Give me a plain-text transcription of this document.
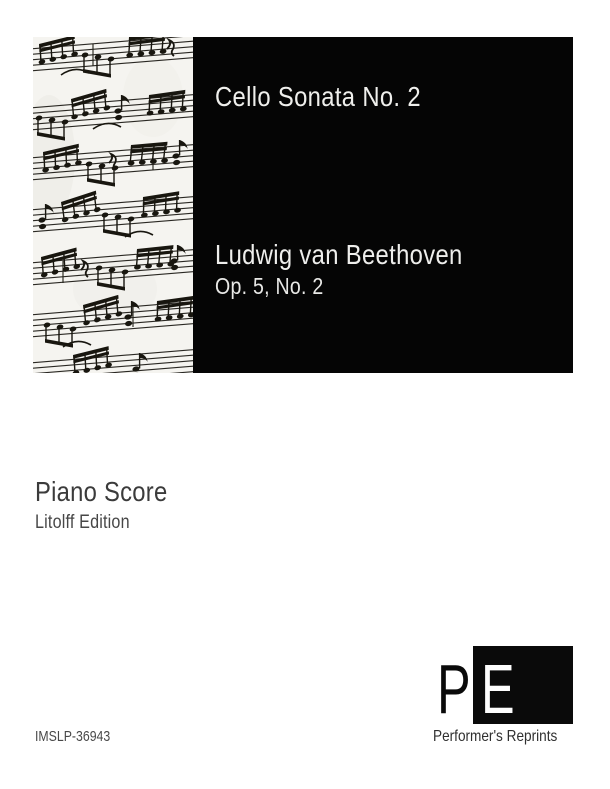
Cello Sonata No. 2
Ludwig van Beethoven
Op. 5, No. 2
Piano Score
Litolff Edition
IMSLP-36943
P E
Performer's Reprints
